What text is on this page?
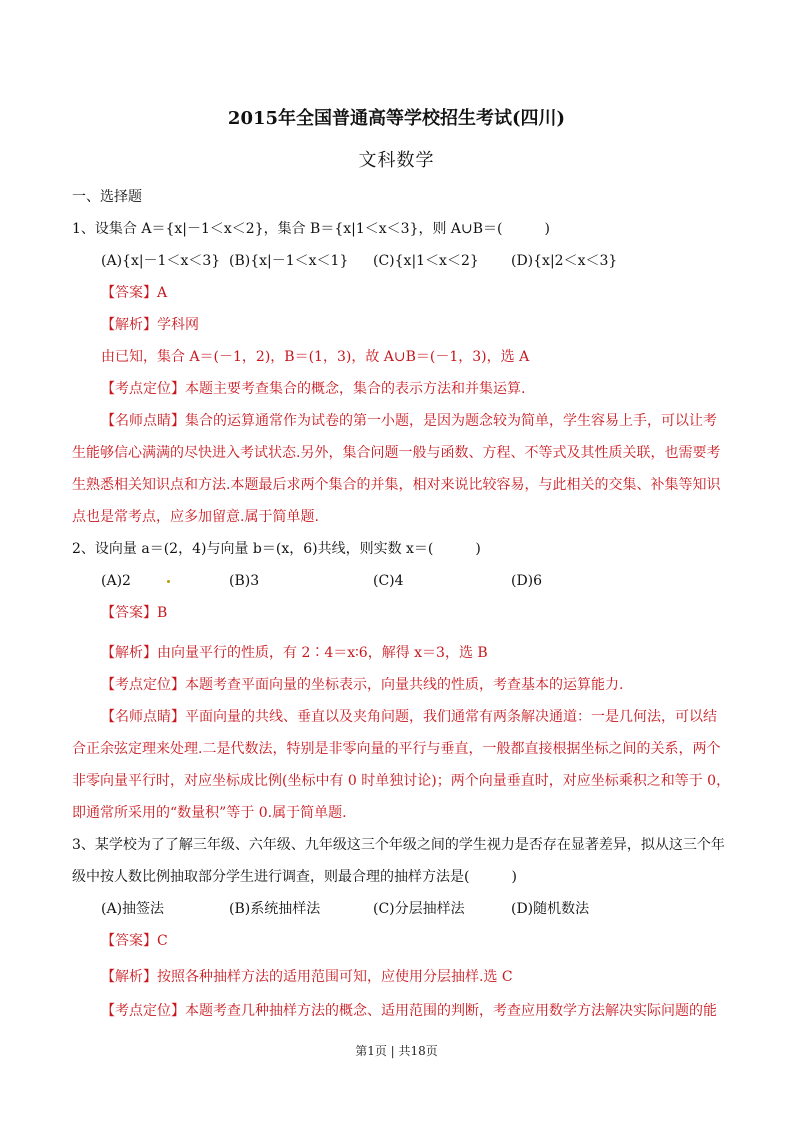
2015年全国普通高等学校招生考试(四川)
文科数学
一、选择题
1、设集合 A＝{x|－1＜x＜2}，集合 B＝{x|1＜x＜3}，则 A∪B＝(　　　)
(A){x|－1＜x＜3} (B){x|－1＜x＜1} (C){x|1＜x＜2} (D){x|2＜x＜3}
【答案】A
【解析】学科网
由已知，集合 A＝(－1，2)，B＝(1，3)，故 A∪B＝(－1，3)，选 A
【考点定位】本题主要考查集合的概念，集合的表示方法和并集运算.
【名师点睛】集合的运算通常作为试卷的第一小题，是因为题念较为简单，学生容易上手，可以让考
生能够信心满满的尽快进入考试状态.另外，集合问题一般与函数、方程、不等式及其性质关联，也需要考
生熟悉相关知识点和方法.本题最后求两个集合的并集，相对来说比较容易，与此相关的交集、补集等知识
点也是常考点，应多加留意.属于简单题.
2、设向量 a＝(2，4)与向量 b＝(x，6)共线，则实数 x＝(　　　)
(A)2	(B)3	(C)4	(D)6
【答案】B
【解析】由向量平行的性质，有 2∶4＝x∶6，解得 x＝3，选 B
【考点定位】本题考查平面向量的坐标表示，向量共线的性质，考查基本的运算能力.
【名师点睛】平面向量的共线、垂直以及夹角问题，我们通常有两条解决通道：一是几何法，可以结
合正余弦定理来处理.二是代数法，特别是非零向量的平行与垂直，一般都直接根据坐标之间的关系，两个
非零向量平行时，对应坐标成比例(坐标中有 0 时单独讨论)；两个向量垂直时，对应坐标乘积之和等于 0，
即通常所采用的“数量积”等于 0.属于简单题.
3、某学校为了了解三年级、六年级、九年级这三个年级之间的学生视力是否存在显著差异，拟从这三个年
级中按人数比例抽取部分学生进行调查，则最合理的抽样方法是(　　　)
(A)抽签法	(B)系统抽样法	(C)分层抽样法	(D)随机数法
【答案】C
【解析】按照各种抽样方法的适用范围可知，应使用分层抽样.选 C
【考点定位】本题考查几种抽样方法的概念、适用范围的判断，考查应用数学方法解决实际问题的能
第1页 | 共18页
